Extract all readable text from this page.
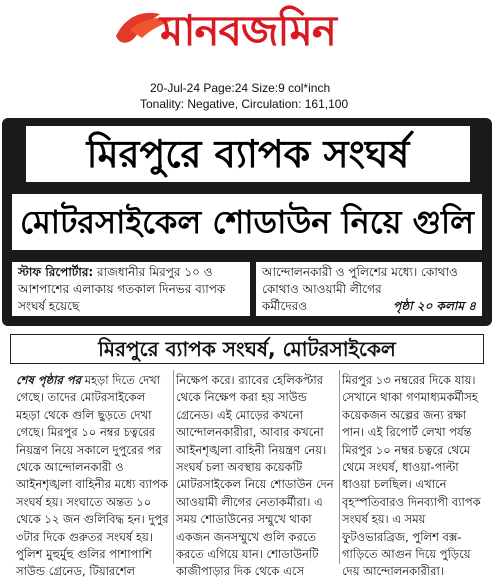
মানবজমিন
20-Jul-24 Page:24 Size:9 col*inch
Tonality: Negative, Circulation: 161,100
মিরপুরে ব্যাপক সংঘর্ষ
মোটরসাইকেল শোডাউন নিয়ে গুলি
স্টাফ রিপোর্টার: রাজধানীর মিরপুর ১০ ও আশপাশের এলাকায় গতকাল দিনভর ব্যাপক সংঘর্ষ হয়েছে
আন্দোলনকারী ও পুলিশের মধ্যে। কোথাও কোথাও আওয়ামী লীগের
কর্মীদেরও	পৃষ্ঠা ২০ কলাম ৪
মিরপুরে ব্যাপক সংঘর্ষ, মোটরসাইকেল

শেষ পৃষ্ঠার পর মহড়া দিতে দেখা গেছে। তাদের মোটরসাইকেল মহড়া থেকে গুলি ছুড়তে দেখা গেছে। মিরপুর ১০ নম্বর চত্বরের নিয়ন্ত্রণ নিয়ে সকালে দুপুরের পর থেকে আন্দোলনকারী ও আইনশৃঙ্খলা বাহিনীর মধ্যে ব্যাপক সংঘর্ষ হয়। সংঘাতে অন্তত ১০ থেকে ১২ জন গুলিবিদ্ধ হন। দুপুর ৩টার দিকে গুরুতর সংঘর্ষ হয়। পুলিশ মুহুর্মুহু গুলির পাশাপাশি সাউন্ড গ্রেনেড, টিয়ারশেল

নিক্ষেপ করে। র‍্যাবের হেলিকপ্টার থেকে নিক্ষেপ করা হয় সাউন্ড গ্রেনেড। এই মোড়ের কখনো আন্দোলনকারীরা, আবার কখনো আইনশৃঙ্খলা বাহিনী নিয়ন্ত্রণ নেয়। সংঘর্ষ চলা অবস্থায় কয়েকটি মোটরসাইকেল নিয়ে শোডাউন দেন আওয়ামী লীগের নেতাকর্মীরা। এ সময় শোডাউনের সম্মুখে থাকা একজন জনসম্মুখে গুলি করতে করতে এগিয়ে যান। শোডাউনটি কাজীপাড়ার দিক থেকে এসে

মিরপুর ১৩ নম্বরের দিকে যায়। সেখানে থাকা গণমাধ্যমকর্মীসহ কয়েকজন অল্পের জন্য রক্ষা পান। এই রিপোর্ট লেখা পর্যন্ত মিরপুর ১০ নম্বর চত্বরে থেমে থেমে সংঘর্ষ, ধাওয়া-পাল্টা ধাওয়া চলছিল। এখানে বৃহস্পতিবারও দিনব্যাপী ব্যাপক সংঘর্ষ হয়। এ সময় ফুটওভারব্রিজ, পুলিশ বক্স-গাড়িতে আগুন দিয়ে পুড়িয়ে দেয় আন্দোলনকারীরা।
